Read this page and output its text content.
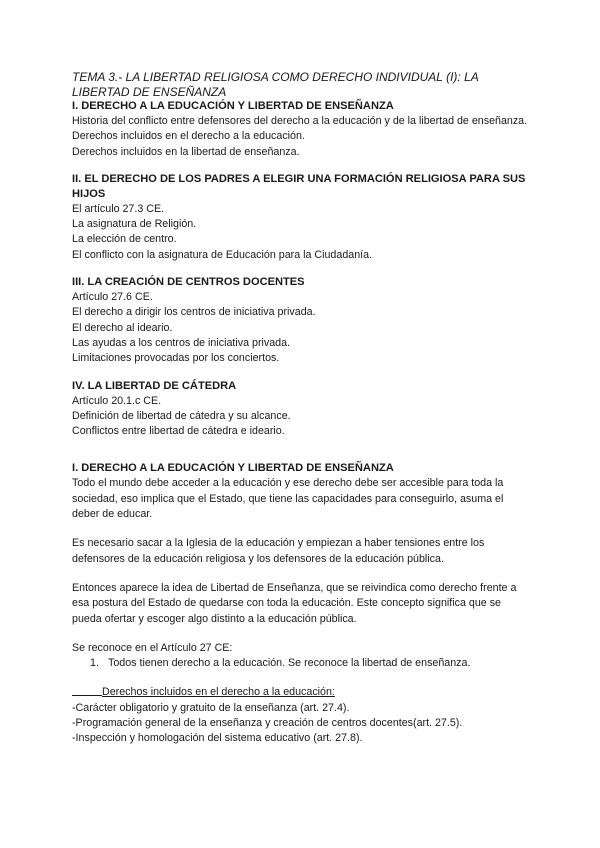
TEMA 3.- LA LIBERTAD RELIGIOSA COMO DERECHO INDIVIDUAL (I): LA LIBERTAD DE ENSEÑANZA

I. DERECHO A LA EDUCACIÓN Y LIBERTAD DE ENSEÑANZA

Historia del conflicto entre defensores del derecho a la educación y de la libertad de enseñanza.

Derechos incluidos en el derecho a la educación.

Derechos incluidos en la libertad de enseñanza.

II. EL DERECHO DE LOS PADRES A ELEGIR UNA FORMACIÓN RELIGIOSA PARA SUS HIJOS

El artículo 27.3 CE.

La asignatura de Religión.

La elección de centro.

El conflicto con la asignatura de Educación para la Ciudadanía.

III. LA CREACIÓN DE CENTROS DOCENTES

Artículo 27.6 CE.

El derecho a dirigir los centros de iniciativa privada.

El derecho al ideario.

Las ayudas a los centros de iniciativa privada.

Limitaciones provocadas por los conciertos.

IV. LA LIBERTAD DE CÁTEDRA

Artículo 20.1.c CE.

Definición de libertad de cátedra y su alcance.

Conflictos entre libertad de cátedra e ideario.

I. DERECHO A LA EDUCACIÓN Y LIBERTAD DE ENSEÑANZA

Todo el mundo debe acceder a la educación y ese derecho debe ser accesible para toda la sociedad, eso implica que el Estado, que tiene las capacidades para conseguirlo, asuma el deber de educar.

Es necesario sacar a la Iglesia de la educación y empiezan a haber tensiones entre los defensores de la educación religiosa y los defensores de la educación pública.

Entonces aparece la idea de Libertad de Enseñanza, que se reivindica como derecho frente a esa postura del Estado de quedarse con toda la educación. Este concepto significa que se pueda ofertar y escoger algo distinto a la educación pública.

Se reconoce en el Artículo 27 CE:

1. Todos tienen derecho a la educación. Se reconoce la libertad de enseñanza.

Derechos incluidos en el derecho a la educación:

-Carácter obligatorio y gratuito de la enseñanza (art. 27.4).

-Programación general de la enseñanza y creación de centros docentes(art. 27.5).

-Inspección y homologación del sistema educativo (art. 27.8).
